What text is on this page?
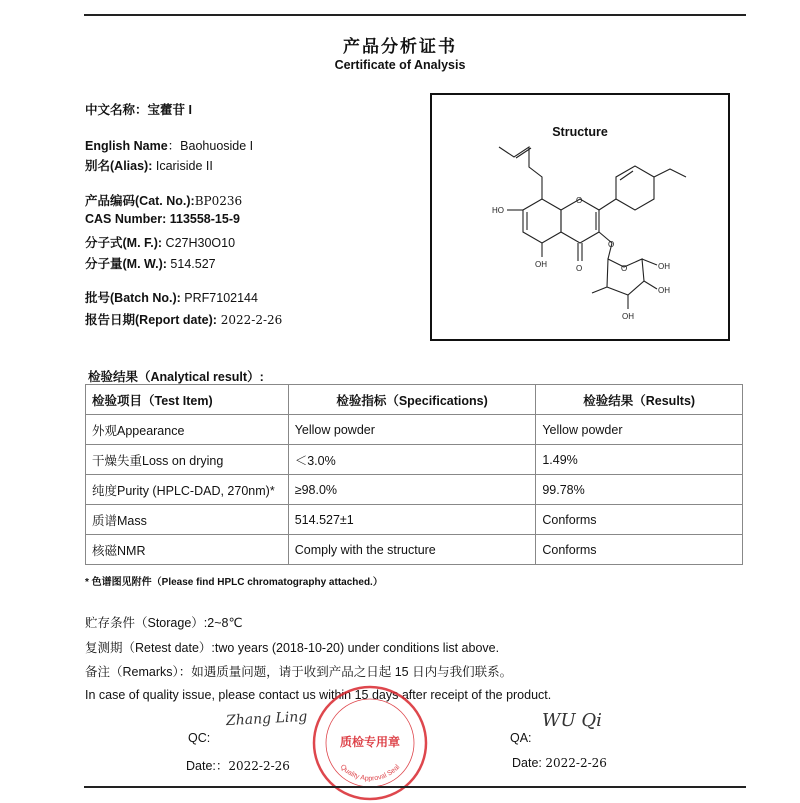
产品分析证书
Certificate of Analysis
中文名称：宝藿苷 I
English Name：Baohuoside I
别名(Alias): Icariside II
产品编码(Cat. No.):BP0236
CAS Number: 113558-15-9
分子式(M. F.): C27H30O10
分子量(M. W.): 514.527
批号(Batch No.): PRF7102144
报告日期(Report date): 2022-2-26
Structure
HO
OH
O
O
O
O	OH
OH
OH
检验结果（Analytical result）:
检验项目（Test Item)	检验指标（Specifications)	检验结果（Results)
外观Appearance	Yellow powder	Yellow powder
干燥失重Loss on drying	＜3.0%	1.49%
纯度Purity (HPLC-DAD, 270nm)*	≥98.0%	99.78%
质谱Mass	514.527±1	Conforms
核磁NMR	Comply with the structure	Conforms
* 色谱图见附件（Please find HPLC chromatography attached.）
贮存条件（Storage）:2~8℃
复测期（Retest date）:two years (2018-10-20) under conditions list above.
备注（Remarks）：如遇质量问题，请于收到产品之日起 15 日内与我们联系。
In case of quality issue, please contact us within 15 days after receipt of the product.
QC:
Zhang Ling
QA:
WU Qi
Date:：2022-2-26	Date: 2022-2-26
质检专用章
Quality Approval Seal
